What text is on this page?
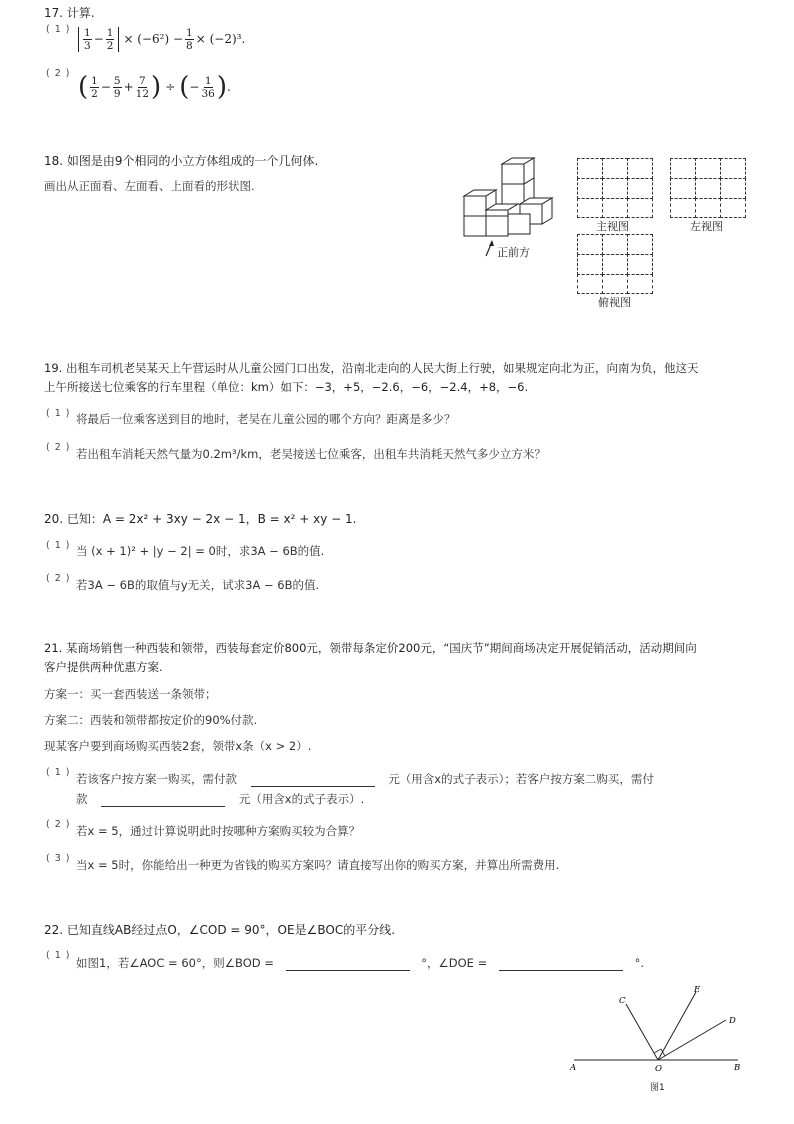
17. 计算.
( 1 ) $\frac{1}{3} - \frac{1}{2} \times (-6^2) - \frac{1}{8} \times (-2)^3$.
( 2 ) ( $\frac{1}{2} - \frac{5}{9} + \frac{7}{12}$ ) ÷ ( − $\frac{1}{36}$ ) .
18. 如图是由9个相同的小立方体组成的一个几何体.
画出从正面看、左面看、上面看的形状图.
正前方
主视图	左视图
俯视图
19. 出租车司机老吴某天上午营运时从儿童公园门口出发，沿南北走向的人民大街上行驶，如果规定向北为正，向南为负，他这天
上午所接送七位乘客的行车里程（单位：km）如下：−3，+5，−2.6，−6，−2.4，+8，−6.
( 1 ) 将最后一位乘客送到目的地时，老吴在儿童公园的哪个方向？距离是多少？
( 2 ) 若出租车消耗天然气量为0.2m³/km，老吴接送七位乘客，出租车共消耗天然气多少立方米？
20. 已知：A = 2x² + 3xy − 2x − 1，B = x² + xy − 1.
( 1 ) 当 (x + 1)² + |y − 2| = 0时，求3A − 6B的值.
( 2 ) 若3A − 6B的取值与y无关，试求3A − 6B的值.
21. 某商场销售一种西装和领带，西装每套定价800元，领带每条定价200元，“国庆节”期间商场决定开展促销活动，活动期间向
客户提供两种优惠方案.
方案一：买一套西装送一条领带；
方案二：西装和领带都按定价的90%付款.
现某客户要到商场购买西装2套，领带x条（x > 2）.
( 1 ) 若该客户按方案一购买，需付款	元（用含x的式子表示）；若客户按方案二购买，需付
款	元（用含x的式子表示）.
( 2 ) 若x = 5，通过计算说明此时按哪种方案购买较为合算？
( 3 ) 当x = 5时，你能给出一种更为省钱的购买方案吗？请直接写出你的购买方案，并算出所需费用.
22. 已知直线AB经过点O，∠COD = 90°，OE是∠BOC的平分线.
( 1 )
如图1，若∠AOC = 60°，则∠BOD =	°，∠DOE =	°.
A	B
C
D
E
O
图1
